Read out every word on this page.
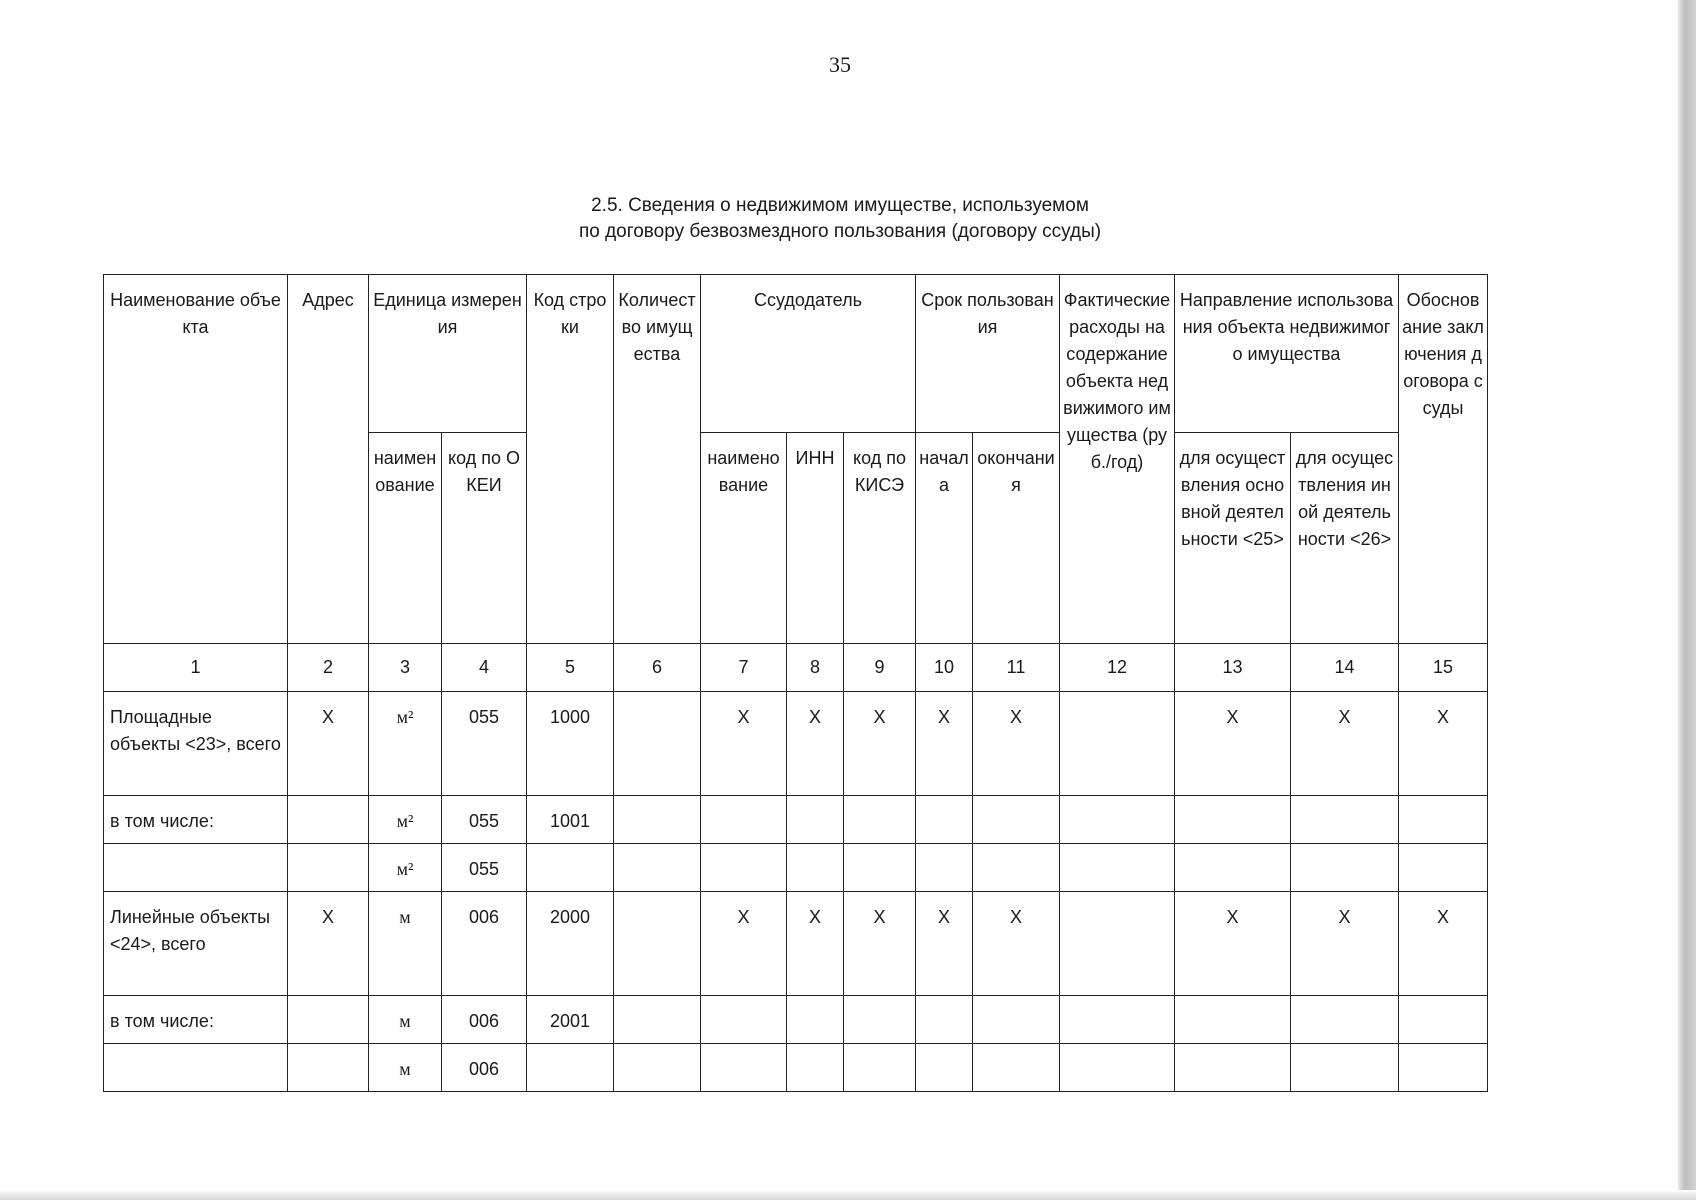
35
2.5. Сведения о недвижимом имуществе, используемом
по договору безвозмездного пользования (договору ссуды)
Наименование объекта	Адрес	Единица измерения		Код строки	Количество имущества	Ссудодатель			Срок пользования		Фактические расходы на содержание объекта недвижимого имущества (руб./год)	Направление использования объекта недвижимого имущества		Обоснование заключения договора ссуды
		наименование	код по ОКЕИ			наименование	ИНН	код по КИСЭ	начала	окончания		для осуществления основной деятельности <25>	для осуществления иной деятельности <26>	
1	2	3	4	5	6	7	8	9	10	11	12	13	14	15
Площадные объекты <23>, всего	X	м²	055	1000		X	X	X	X	X		X	X	X
в том числе:		м²	055	1001										
		м²	055											
Линейные объекты <24>, всего	X	м	006	2000		X	X	X	X	X		X	X	X
в том числе:		м	006	2001										
		м	006											
